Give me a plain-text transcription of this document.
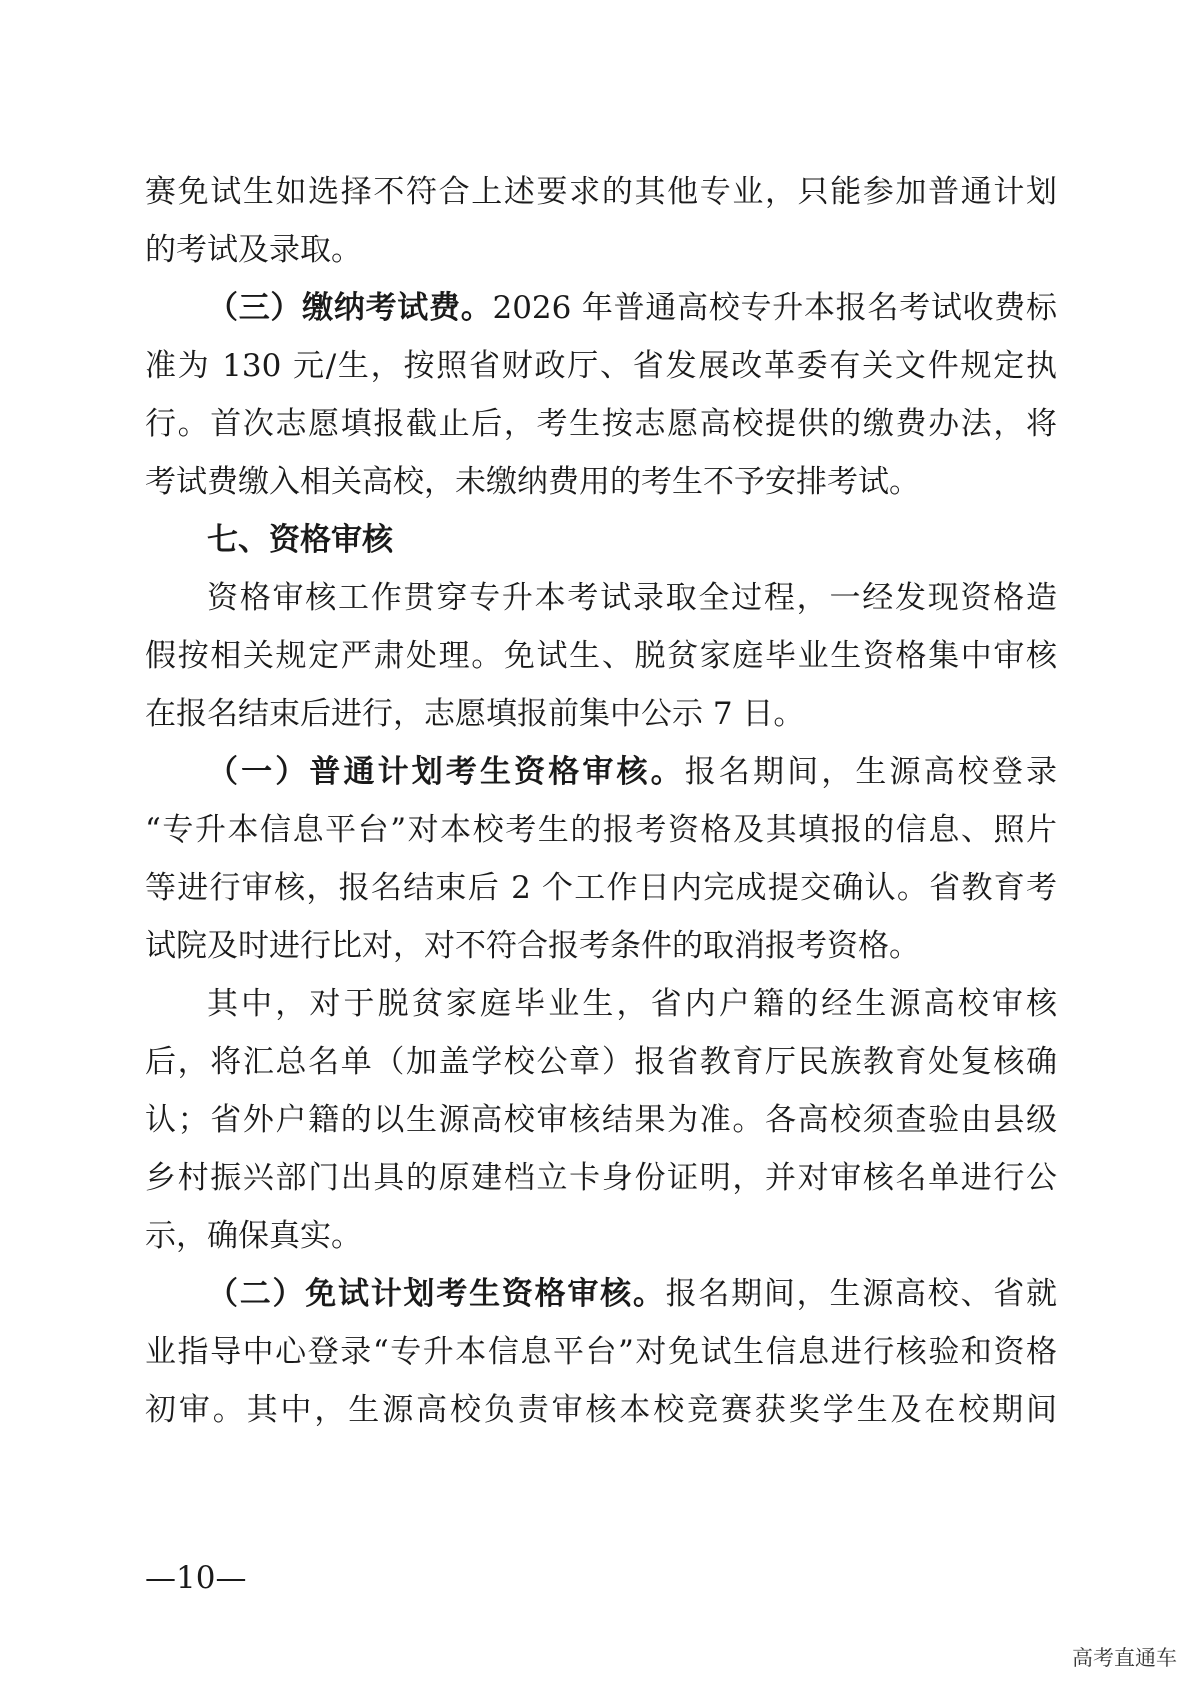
赛免试生如选择不符合上述要求的其他专业，只能参加普通计划
的考试及录取。
（三）缴纳考试费。2026 年普通高校专升本报名考试收费标
准为 130 元/生，按照省财政厅、省发展改革委有关文件规定执
行。首次志愿填报截止后，考生按志愿高校提供的缴费办法，将
考试费缴入相关高校，未缴纳费用的考生不予安排考试。
七、资格审核
资格审核工作贯穿专升本考试录取全过程，一经发现资格造
假按相关规定严肃处理。免试生、脱贫家庭毕业生资格集中审核
在报名结束后进行，志愿填报前集中公示 7 日。
（一）普通计划考生资格审核。报名期间，生源高校登录
“专升本信息平台”对本校考生的报考资格及其填报的信息、照片
等进行审核，报名结束后 2 个工作日内完成提交确认。省教育考
试院及时进行比对，对不符合报考条件的取消报考资格。
其中，对于脱贫家庭毕业生，省内户籍的经生源高校审核
后，将汇总名单（加盖学校公章）报省教育厅民族教育处复核确
认；省外户籍的以生源高校审核结果为准。各高校须查验由县级
乡村振兴部门出具的原建档立卡身份证明，并对审核名单进行公
示，确保真实。
（二）免试计划考生资格审核。报名期间，生源高校、省就
业指导中心登录“专升本信息平台”对免试生信息进行核验和资格
初审。其中，生源高校负责审核本校竞赛获奖学生及在校期间
—10—
高考直通车
